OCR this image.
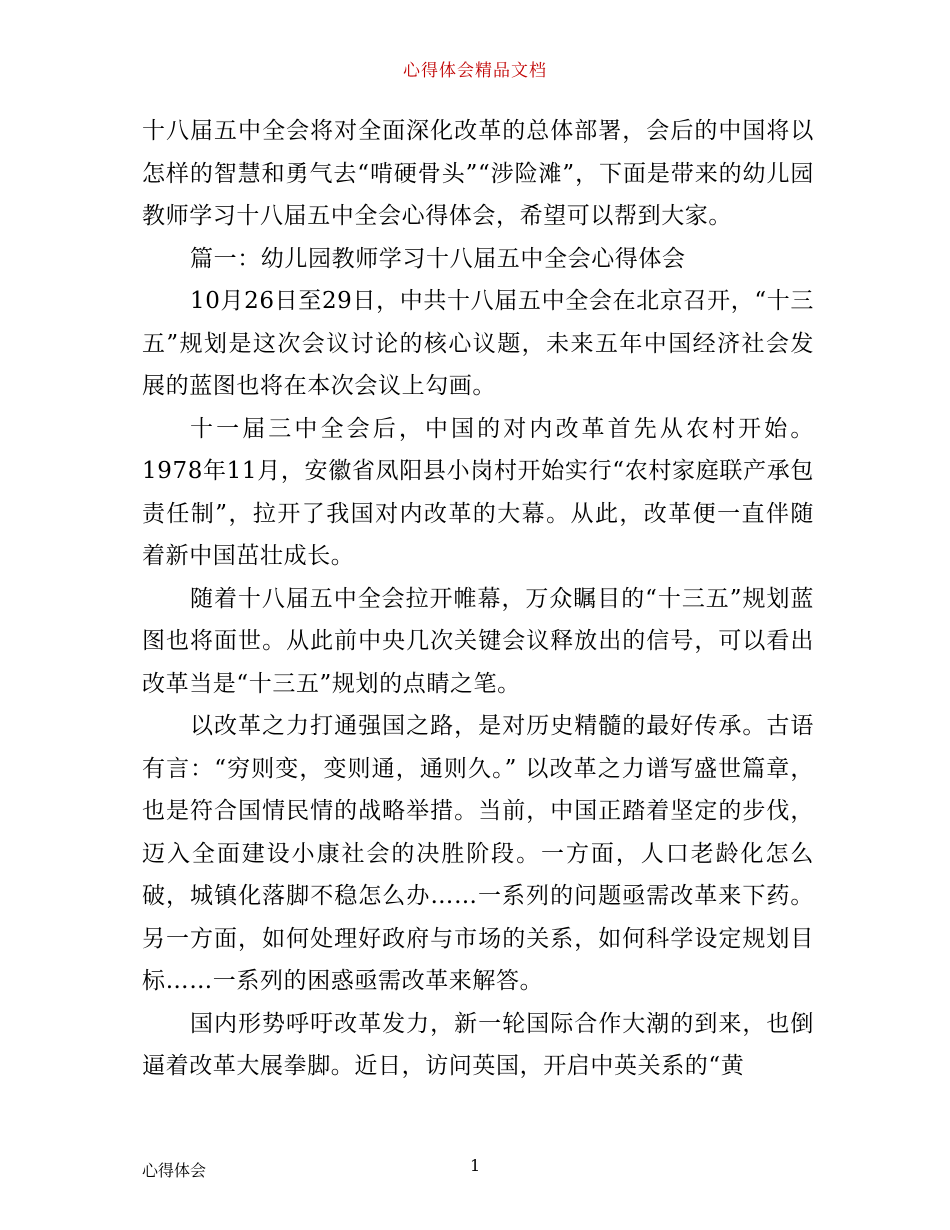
心得体会精品文档

十八届五中全会将对全面深化改革的总体部署，会后的中国将以怎样的智慧和勇气去“啃硬骨头”“涉险滩”，下面是带来的幼儿园教师学习十八届五中全会心得体会，希望可以帮到大家。

篇一：幼儿园教师学习十八届五中全会心得体会

10月26日至29日，中共十八届五中全会在北京召开，“十三五”规划是这次会议讨论的核心议题，未来五年中国经济社会发展的蓝图也将在本次会议上勾画。

十一届三中全会后，中国的对内改革首先从农村开始。1978年11月，安徽省凤阳县小岗村开始实行“农村家庭联产承包责任制”，拉开了我国对内改革的大幕。从此，改革便一直伴随着新中国茁壮成长。

随着十八届五中全会拉开帷幕，万众瞩目的“十三五”规划蓝图也将面世。从此前中央几次关键会议释放出的信号，可以看出改革当是“十三五”规划的点睛之笔。

以改革之力打通强国之路，是对历史精髓的最好传承。古语有言：“穷则变，变则通，通则久。” 以改革之力谱写盛世篇章，也是符合国情民情的战略举措。当前，中国正踏着坚定的步伐，迈入全面建设小康社会的决胜阶段。一方面，人口老龄化怎么破，城镇化落脚不稳怎么办……一系列的问题亟需改革来下药。另一方面，如何处理好政府与市场的关系，如何科学设定规划目标……一系列的困惑亟需改革来解答。

国内形势呼吁改革发力，新一轮国际合作大潮的到来，也倒逼着改革大展拳脚。近日，访问英国，开启中英关系的“黄

心得体会	1
